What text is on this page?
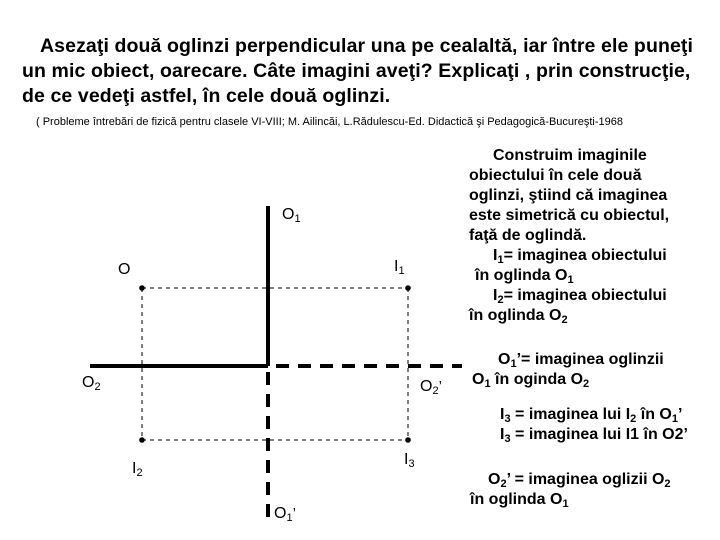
Asezaţi două oglinzi perpendicular una pe cealaltă, iar între ele puneţi un mic obiect, oarecare. Câte imagini aveţi? Explicaţi , prin construcţie, de ce vedeţi astfel, în cele două oglinzi.

( Probleme întrebări de fizică pentru clasele VI-VIII; M. Ailincăi, L.Rădulescu-Ed. Didactică şi Pedagogică-Bucureşti-1968

$O_1$
O	$I_1$
$O_2$	$O_2$’
$I_2$
$I_3$
$O_1$’
Construim imaginile
obiectului în cele două
oglinzi, ştiind că imaginea
este simetrică cu obiectul,
faţă de oglindă.
$I_1=$ imaginea obiectului
în oglinda $O_1$
$I_2=$ imaginea obiectului
în oglinda $O_2$
$O_1’=$ imaginea oglinzii
$O_1$ în oginda $O_2$
$I_3$ = imaginea lui $I_2$ în $O_1$’
$I_3$ = imaginea lui I1 în O2’
$O_2$’ = imaginea oglizii $O_2$
în oglinda $O_1$
